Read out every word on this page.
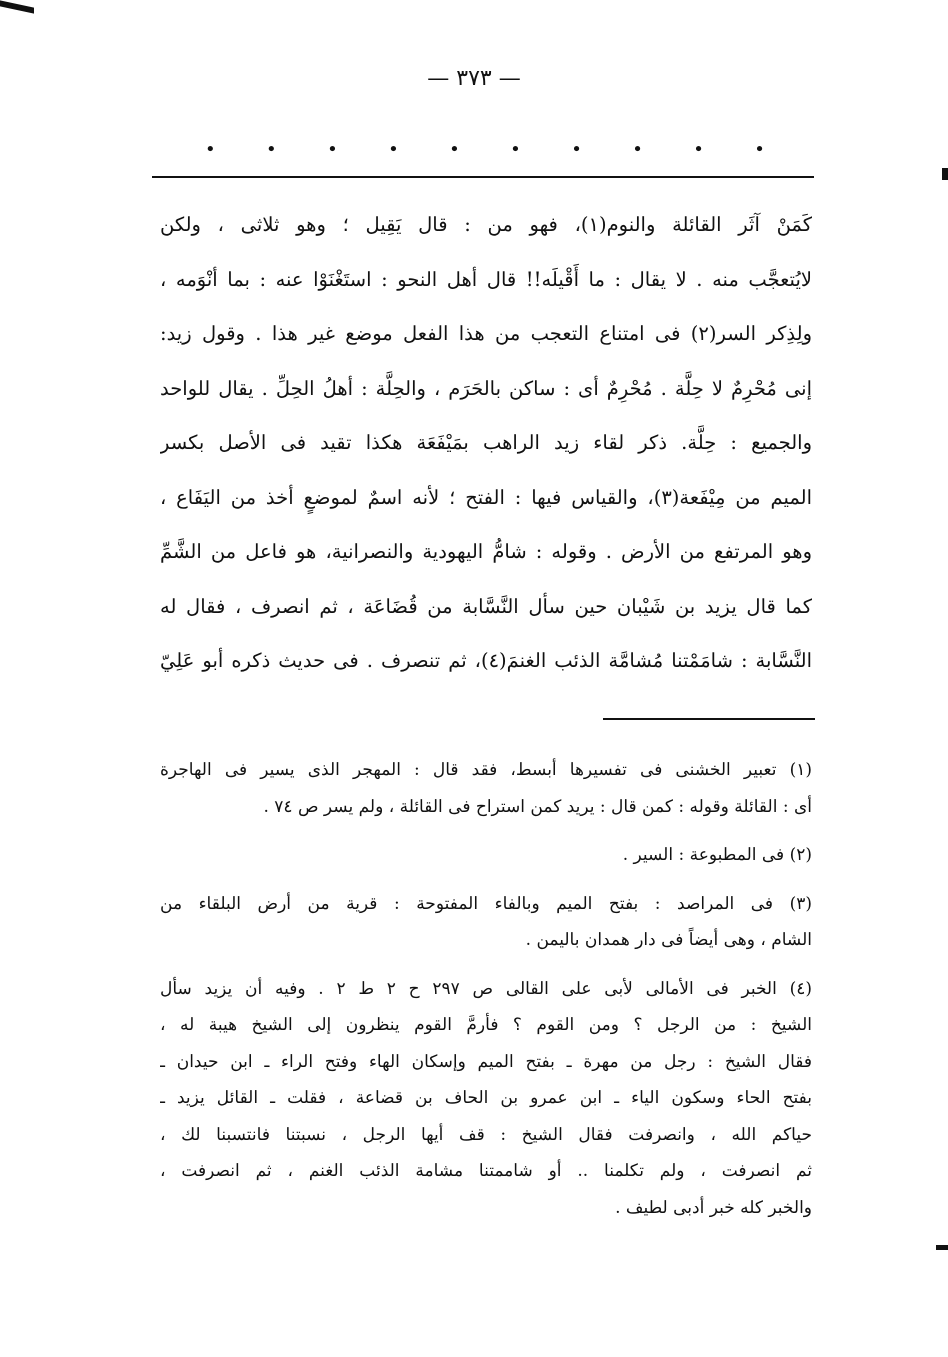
— ٣٧٣ —
•	•	•	•	•	•	•	•	•	•
كَمَنْ آثَر القائلة والنوم(١)، فهو من : قال يَقِيل ؛ وهو ثلاثى ، ولكن
لايُتعجَّب منه . لا يقال : ما أَقْيلَه!! قال أهل النحو : استَغْنَوْا عنه : بما أنْوَمه ،
ولِذِكر السر(٢) فى امتناع التعجب من هذا الفعل موضع غير هذا . وقول زيد:
إنى مُحْرِمٌ لا حِلَّة . مُحْرِمٌ أى : ساكن بالحَرَم ، والحِلَّة : أهلُ الحِلِّ . يقال للواحد
والجميع : حِلَّة. ذكر لقاء زيد الراهب بمَيْفَعَة هكذا تقيد فى الأصل بكسر
الميم من مِيْفَعة(٣)، والقياس فيها : الفتح ؛ لأنه اسمٌ لموضعٍ أخذ من اليَفَاع ،
وهو المرتفع من الأرض . وقوله : شامُّ اليهودية والنصرانية، هو فاعل من الشَّمِّ
كما قال يزيد بن شَيْبان حين سأل النَّسَّابة من قُضَاعَة ، ثم انصرف ، فقال له
النَّسَّابة : شامَمْتنا مُشامَّة الذئب الغنمَ(٤)، ثم تنصرف . فى حديث ذكره أبو عَلِيّ
(١) تعبير الخشنى فى تفسيرها أبسط، فقد قال : المهجر الذى يسير فى الهاجرة
أى : القائلة وقوله : كمن قال : يريد كمن استراح فى القائلة ، ولم يسر ص ٧٤ .
(٢) فى المطبوعة : السير .
(٣) فى المراصد : بفتح الميم وبالفاء المفتوحة : قرية من أرض البلقاء من
الشام ، وهى أيضاً فى دار همدان باليمن .
(٤) الخبر فى الأمالى لأبى على القالى ص ٢٩٧ ح ٢ ط ٢ . وفيه أن يزيد سأل
الشيخ : من الرجل ؟ ومن القوم ؟ فأرمَّ القوم ينظرون إلى الشيخ هيبة له ،
فقال الشيخ : رجل من مهرة ـ بفتح الميم وإسكان الهاء وفتح الراء ـ ابن حيدان ـ
بفتح الحاء وسكون الياء ـ ابن عمرو بن الحاف بن قضاعة ، فقلت ـ القائل يزيد ـ
حياكم الله ، وانصرفت فقال الشيخ : قف أيها الرجل ، نسبتنا فانتسبنا لك ،
ثم انصرفت ، ولم تكلمنا .. أو شاممتنا مشامة الذئب الغنم ، ثم انصرفت ،
والخبر كله خبر أدبى لطيف .
